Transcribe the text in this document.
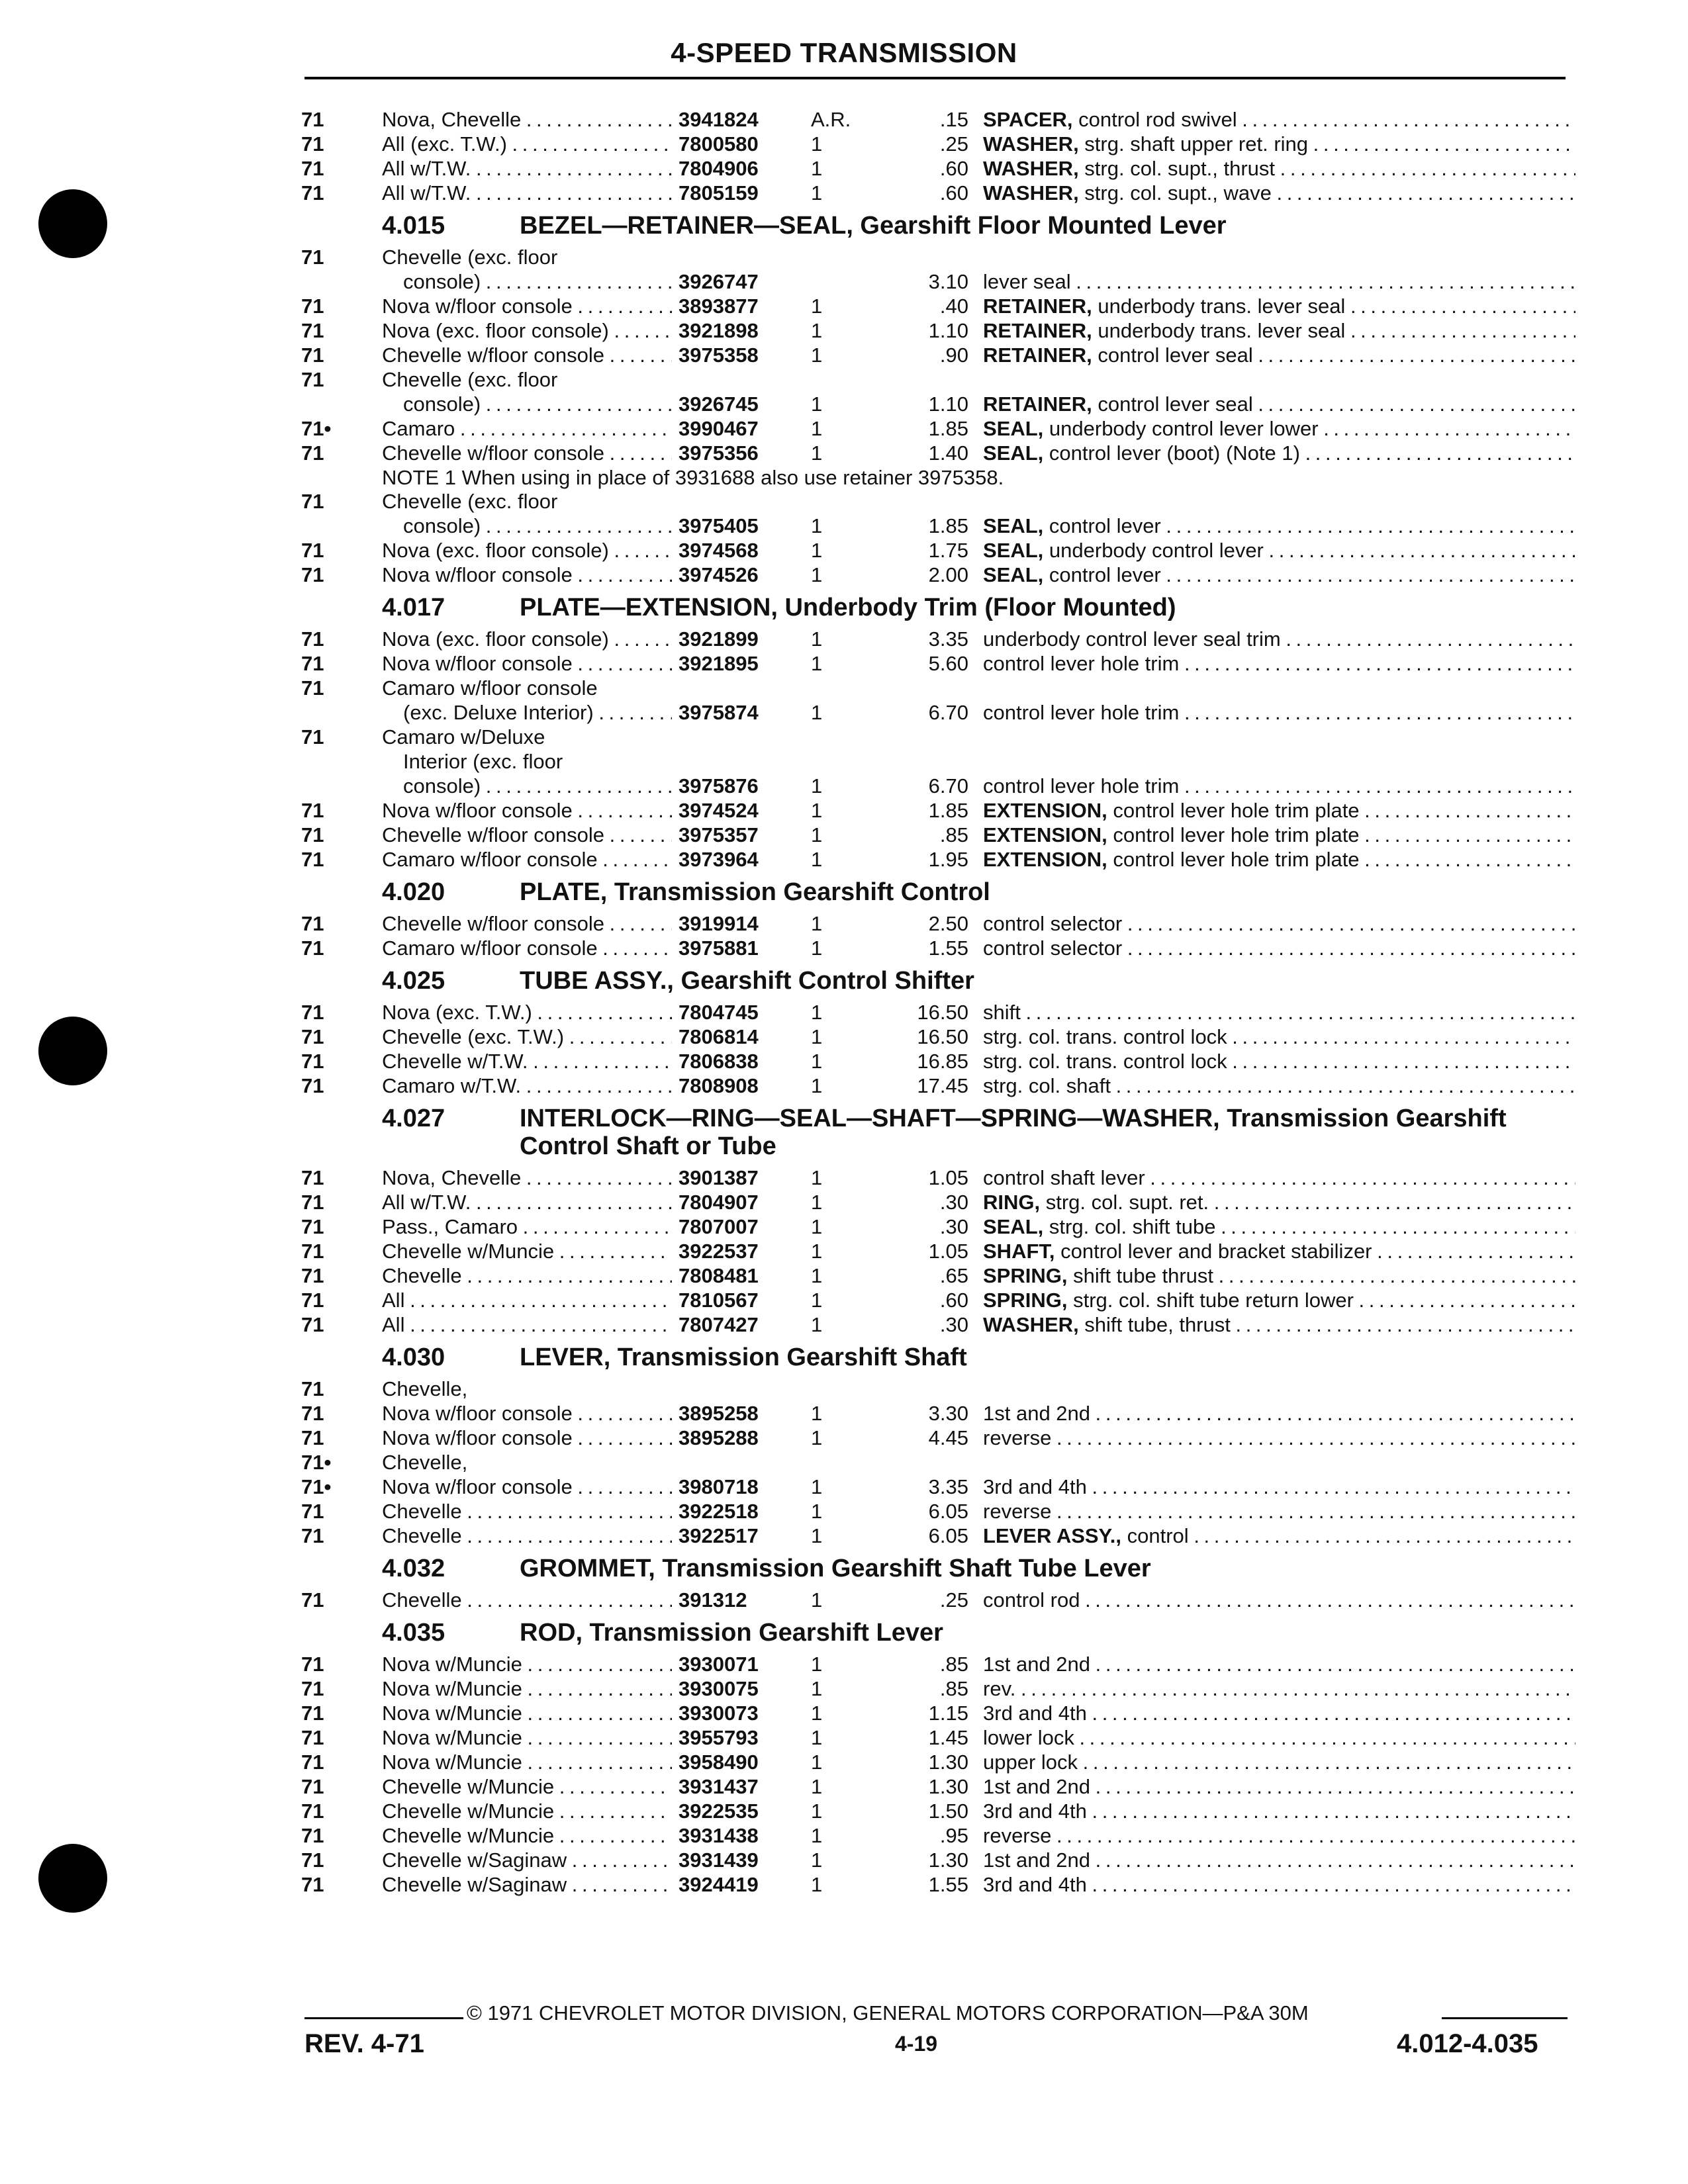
4-SPEED TRANSMISSION
71	Nova, Chevelle . . .	3941824	A.R.	.15 SPACER, control rod swivel . . .
71	All (exc. T.W.) . . .	7800580	1	.25 WASHER, strg. shaft upper ret. ring . . .
71	All w/T.W. . . .	7804906	1	.60 WASHER, strg. col. supt., thrust . . .
71	All w/T.W. . . .	7805159	1	.60 WASHER, strg. col. supt., wave . . .
4.015	BEZEL—RETAINER—SEAL, Gearshift Floor Mounted Lever
71	Chevelle (exc. floor
console) . . .	3926747	3.10 lever seal . . .
71	Nova w/floor console . . .	3893877	1	.40 RETAINER, underbody trans. lever seal . . .
71	Nova (exc. floor console) . . .	3921898	1	1.10 RETAINER, underbody trans. lever seal . . .
71	Chevelle w/floor console . . .	3975358	1	.90 RETAINER, control lever seal . . .
71	Chevelle (exc. floor
console) . . .	3926745	1	1.10 RETAINER, control lever seal . . .
71•	Camaro . . .	3990467	1	1.85 SEAL, underbody control lever lower . . .
71	Chevelle w/floor console . . .	3975356	1	1.40 SEAL, control lever (boot) (Note 1) . . .
NOTE 1 When using in place of 3931688 also use retainer 3975358.
71	Chevelle (exc. floor
console) . . .	3975405	1	1.85 SEAL, control lever . . .
71	Nova (exc. floor console) . . .	3974568	1	1.75 SEAL, underbody control lever . . .
71	Nova w/floor console . . .	3974526	1	2.00 SEAL, control lever . . .
4.017	PLATE—EXTENSION, Underbody Trim (Floor Mounted)
71	Nova (exc. floor console) . . .	3921899	1	3.35 underbody control lever seal trim . . .
71	Nova w/floor console . . .	3921895	1	5.60 control lever hole trim . . .
71	Camaro w/floor console
(exc. Deluxe Interior) . . .	3975874	1	6.70 control lever hole trim . . .
71	Camaro w/Deluxe
Interior (exc. floor
console) . . .	3975876	1	6.70 control lever hole trim . . .
71	Nova w/floor console . . .	3974524	1	1.85 EXTENSION, control lever hole trim plate . . .
71	Chevelle w/floor console . . .	3975357	1	.85 EXTENSION, control lever hole trim plate . . .
71	Camaro w/floor console . . .	3973964	1	1.95 EXTENSION, control lever hole trim plate . . .
4.020	PLATE, Transmission Gearshift Control
71	Chevelle w/floor console . . .	3919914	1	2.50 control selector . . .
71	Camaro w/floor console . . .	3975881	1	1.55 control selector . . .
4.025	TUBE ASSY., Gearshift Control Shifter
71	Nova (exc. T.W.) . . .	7804745	1	16.50 shift . . .
71	Chevelle (exc. T.W.) . . .	7806814	1	16.50 strg. col. trans. control lock . . .
71	Chevelle w/T.W. . . .	7806838	1	16.85 strg. col. trans. control lock . . .
71	Camaro w/T.W. . . .	7808908	1	17.45 strg. col. shaft . . .
4.027	INTERLOCK—RING—SEAL—SHAFT—SPRING—WASHER, Transmission Gearshift Control Shaft or Tube
71	Nova, Chevelle . . .	3901387	1	1.05 control shaft lever . . .
71	All w/T.W. . . .	7804907	1	.30 RING, strg. col. supt. ret. . . .
71	Pass., Camaro . . .	7807007	1	.30 SEAL, strg. col. shift tube . . .
71	Chevelle w/Muncie . . .	3922537	1	1.05 SHAFT, control lever and bracket stabilizer . . .
71	Chevelle . . .	7808481	1	.65 SPRING, shift tube thrust . . .
71	All . . .	7810567	1	.60 SPRING, strg. col. shift tube return lower . . .
71	All . . .	7807427	1	.30 WASHER, shift tube, thrust . . .
4.030	LEVER, Transmission Gearshift Shaft
71	Chevelle,
71	Nova w/floor console . . .	3895258	1	3.30 1st and 2nd . . .
71	Nova w/floor console . . .	3895288	1	4.45 reverse . . .
71•	Chevelle,
71•	Nova w/floor console . . .	3980718	1	3.35 3rd and 4th . . .
71	Chevelle . . .	3922518	1	6.05 reverse . . .
71	Chevelle . . .	3922517	1	6.05 LEVER ASSY., control . . .
4.032	GROMMET, Transmission Gearshift Shaft Tube Lever
71	Chevelle . . .	391312	1	.25 control rod . . .
4.035	ROD, Transmission Gearshift Lever
71	Nova w/Muncie . . .	3930071	1	.85 1st and 2nd . . .
71	Nova w/Muncie . . .	3930075	1	.85 rev. . . .
71	Nova w/Muncie . . .	3930073	1	1.15 3rd and 4th . . .
71	Nova w/Muncie . . .	3955793	1	1.45 lower lock . . .
71	Nova w/Muncie . . .	3958490	1	1.30 upper lock . . .
71	Chevelle w/Muncie . . .	3931437	1	1.30 1st and 2nd . . .
71	Chevelle w/Muncie . . .	3922535	1	1.50 3rd and 4th . . .
71	Chevelle w/Muncie . . .	3931438	1	.95 reverse . . .
71	Chevelle w/Saginaw . . .	3931439	1	1.30 1st and 2nd . . .
71	Chevelle w/Saginaw . . .	3924419	1	1.55 3rd and 4th . . .
© 1971 CHEVROLET MOTOR DIVISION, GENERAL MOTORS CORPORATION—P&A 30M
REV. 4-71	4-19	4.012-4.035
